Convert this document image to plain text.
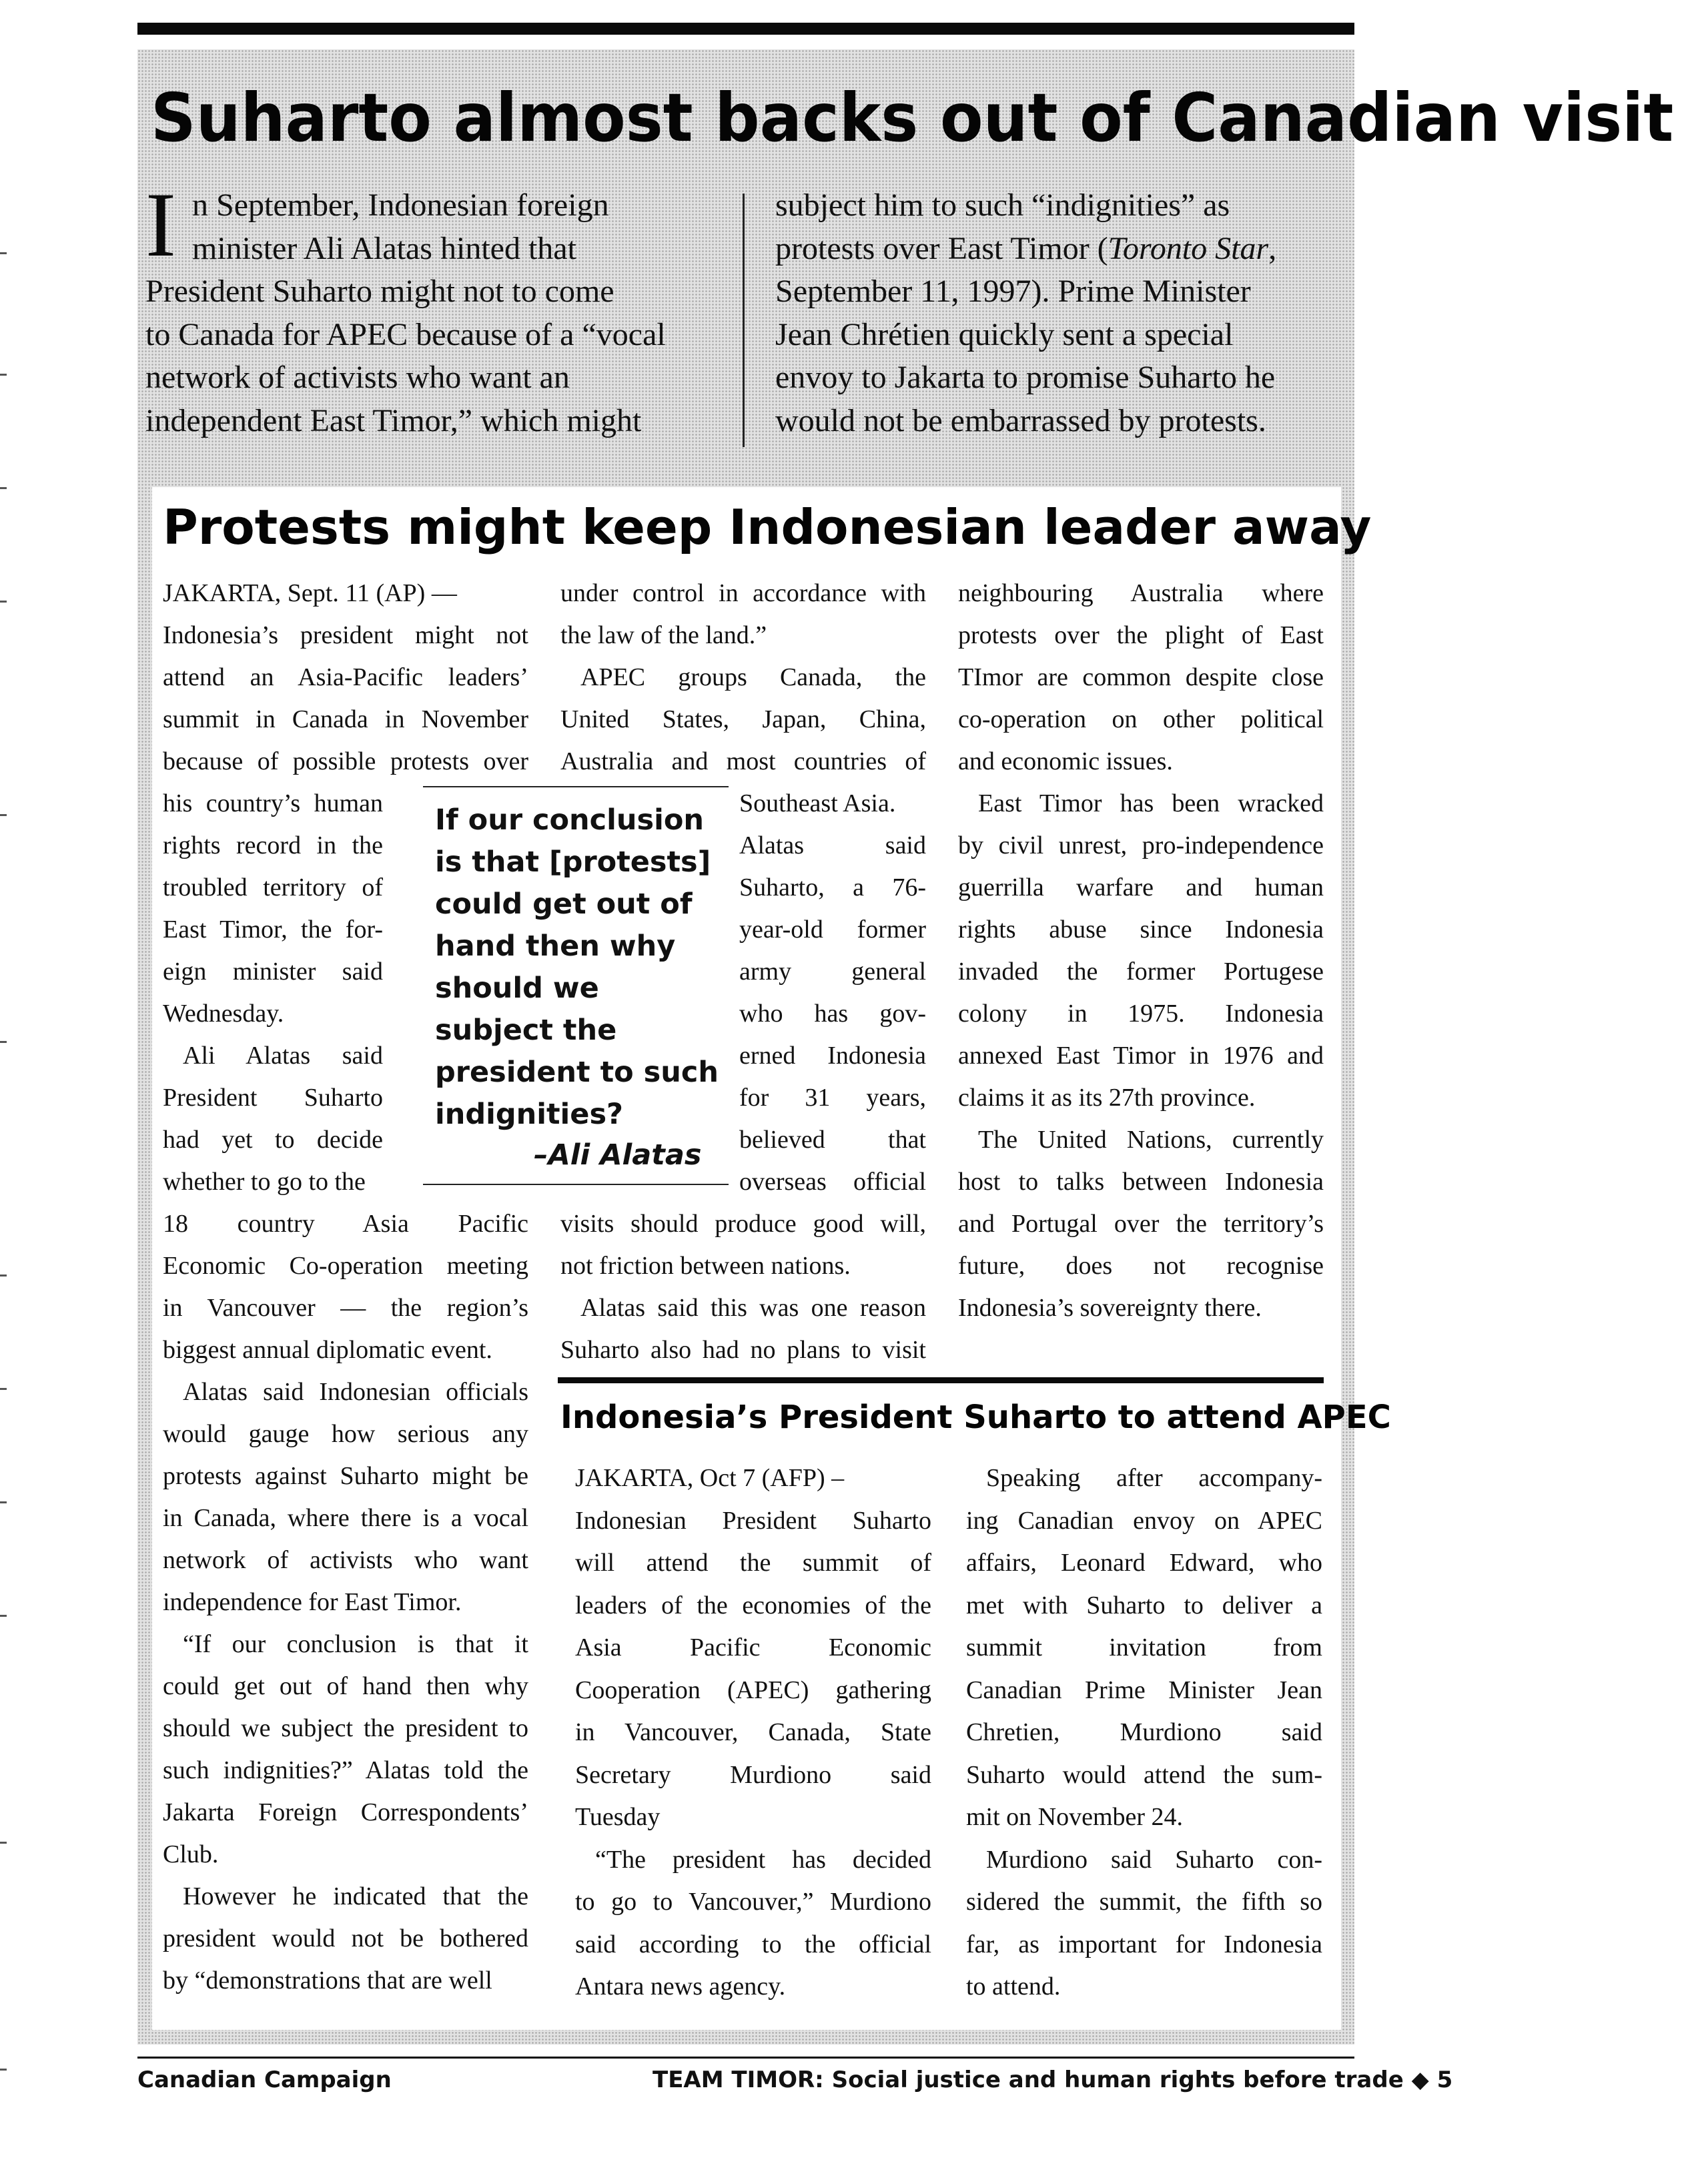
Suharto almost backs out of Canadian visit
I n September, Indonesian foreign
minister Ali Alatas hinted that
President Suharto might not to come
to Canada for APEC because of a “vocal
network of activists who want an
independent East Timor,” which might
subject him to such “indignities” as
protests over East Timor (Toronto Star,
September 11, 1997). Prime Minister
Jean Chrétien quickly sent a special
envoy to Jakarta to promise Suharto he
would not be embarrassed by protests.
Protests might keep Indonesian leader away
JAKARTA, Sept. 11 (AP) —
Indonesia’s president might not
attend an Asia-Pacific leaders’
summit in Canada in November
because of possible protests over
his country’s human
rights record in the
troubled territory of
East Timor, the for-
eign minister said
Wednesday.
Ali Alatas said
President Suharto
had yet to decide
whether to go to the
18 country Asia Pacific
Economic Co-operation meeting
in Vancouver — the region’s
biggest annual diplomatic event.
Alatas said Indonesian officials
would gauge how serious any
protests against Suharto might be
in Canada, where there is a vocal
network of activists who want
independence for East Timor.
“If our conclusion is that it
could get out of hand then why
should we subject the president to
such indignities?” Alatas told the
Jakarta Foreign Correspondents’
Club.
However he indicated that the
president would not be bothered
by “demonstrations that are well
under control in accordance with
the law of the land.”
APEC groups Canada, the
United States, Japan, China,
Australia and most countries of
Southeast Asia.
Alatas said
Suharto, a 76-
year-old former
army general
who has gov-
erned Indonesia
for 31 years,
believed that
overseas official
visits should produce good will,
not friction between nations.
Alatas said this was one reason
Suharto also had no plans to visit
neighbouring Australia where
protests over the plight of East
TImor are common despite close
co-operation on other political
and economic issues.
East Timor has been wracked
by civil unrest, pro-independence
guerrilla warfare and human
rights abuse since Indonesia
invaded the former Portugese
colony in 1975. Indonesia
annexed East Timor in 1976 and
claims it as its 27th province.
The United Nations, currently
host to talks between Indonesia
and Portugal over the territory’s
future, does not recognise
Indonesia’s sovereignty there.
If our conclusion
is that [protests]
could get out of
hand then why
should we
subject the
president to such
indignities?
–Ali Alatas
Indonesia’s President Suharto to attend APEC
JAKARTA, Oct 7 (AFP) –
Indonesian President Suharto
will attend the summit of
leaders of the economies of the
Asia Pacific Economic
Cooperation (APEC) gathering
in Vancouver, Canada, State
Secretary Murdiono said
Tuesday
“The president has decided
to go to Vancouver,” Murdiono
said according to the official
Antara news agency.
Speaking after accompany-
ing Canadian envoy on APEC
affairs, Leonard Edward, who
met with Suharto to deliver a
summit invitation from
Canadian Prime Minister Jean
Chretien, Murdiono said
Suharto would attend the sum-
mit on November 24.
Murdiono said Suharto con-
sidered the summit, the fifth so
far, as important for Indonesia
to attend.
Canadian Campaign	TEAM TIMOR: Social justice and human rights before trade ◆ 5
